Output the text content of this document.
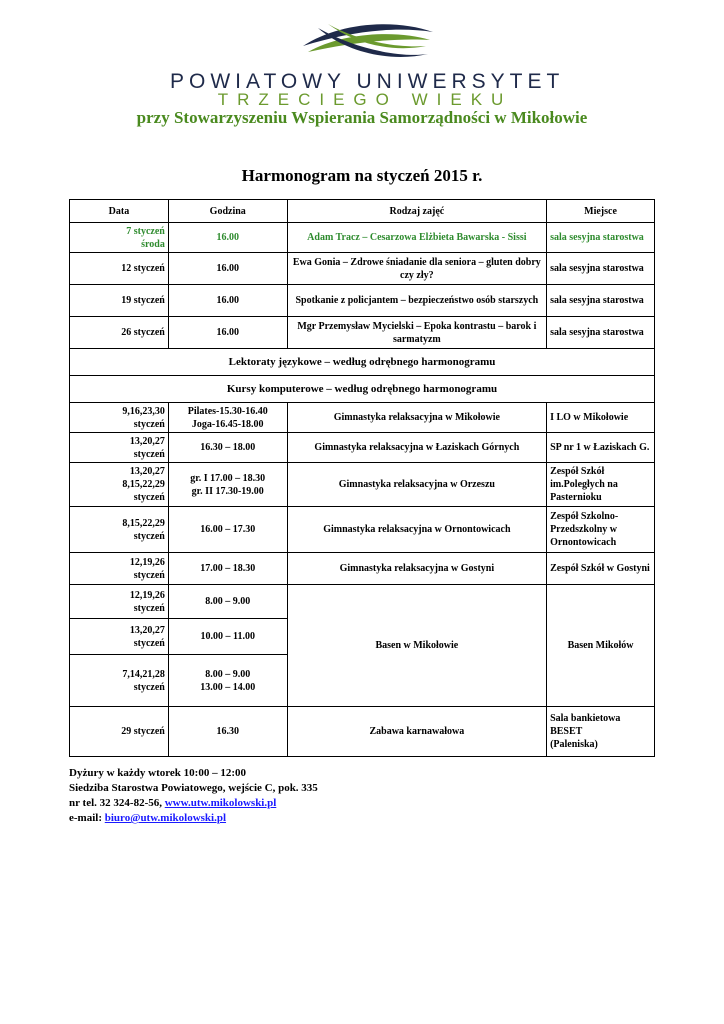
POWIATOWY UNIWERSYTET
TRZECIEGO WIEKU
przy Stowarzyszeniu Wspierania Samorządności w Mikołowie
Harmonogram na styczeń 2015 r.
Data	Godzina	Rodzaj zajęć	Miejsce
7 styczeń
środa	16.00	Adam Tracz – Cesarzowa Elżbieta Bawarska - Sissi	sala sesyjna starostwa
12 styczeń	16.00	Ewa Gonia – Zdrowe śniadanie dla seniora – gluten dobry czy zły?	sala sesyjna starostwa
19 styczeń	16.00	Spotkanie z policjantem – bezpieczeństwo osób starszych	sala sesyjna starostwa
26 styczeń	16.00	Mgr Przemysław Mycielski – Epoka kontrastu – barok i sarmatyzm	sala sesyjna starostwa
Lektoraty językowe – według odrębnego harmonogramu			
Kursy komputerowe – według odrębnego harmonogramu			
9,16,23,30
styczeń	Pilates-15.30-16.40
Joga-16.45-18.00	Gimnastyka relaksacyjna w Mikołowie	I LO w Mikołowie
13,20,27
styczeń	16.30 – 18.00	Gimnastyka relaksacyjna w Łaziskach Górnych	SP nr 1 w Łaziskach G.
13,20,27
8,15,22,29
styczeń	gr. I 17.00 – 18.30
gr. II 17.30-19.00	Gimnastyka relaksacyjna w Orzeszu	Zespół Szkół im.Poległych na Pasternioku
8,15,22,29
styczeń	16.00 – 17.30	Gimnastyka relaksacyjna w Ornontowicach	Zespół Szkolno-Przedszkolny w Ornontowicach
12,19,26
styczeń	17.00 – 18.30	Gimnastyka relaksacyjna w Gostyni	Zespół Szkół w Gostyni
12,19,26
styczeń	8.00 – 9.00	Basen w Mikołowie	Basen Mikołów
13,20,27
styczeń	10.00 – 11.00		
7,14,21,28
styczeń	8.00 – 9.00
13.00 – 14.00		
29 styczeń	16.30	Zabawa karnawałowa	Sala bankietowa BESET
(Paleniska)
Dyżury w każdy wtorek 10:00 – 12:00
Siedziba Starostwa Powiatowego, wejście C, pok. 335
nr tel. 32 324-82-56, www.utw.mikolowski.pl
e-mail: biuro@utw.mikolowski.pl
